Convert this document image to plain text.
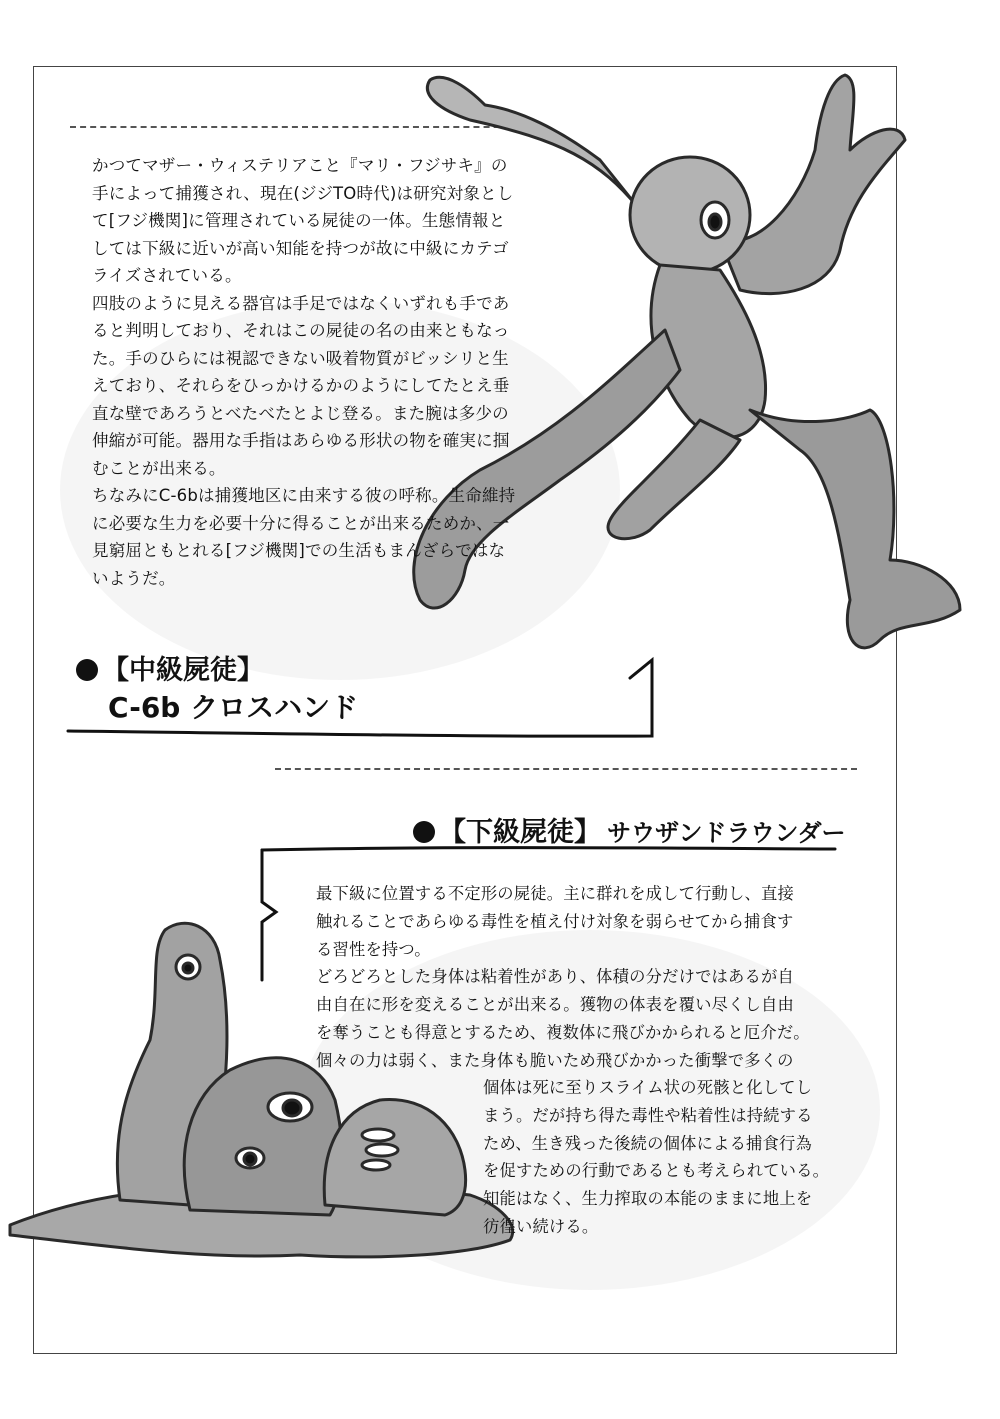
かつてマザー・ウィステリアこと『マリ・フジサキ』の

手によって捕獲され、現在(ジジTO時代)は研究対象とし

て[フジ機関]に管理されている屍徒の一体。生態情報と

しては下級に近いが高い知能を持つが故に中級にカテゴ

ライズされている。

四肢のように見える器官は手足ではなくいずれも手であ

ると判明しており、それはこの屍徒の名の由来ともなっ

た。手のひらには視認できない吸着物質がビッシリと生

えており、それらをひっかけるかのようにしてたとえ垂

直な壁であろうとべたべたとよじ登る。また腕は多少の

伸縮が可能。器用な手指はあらゆる形状の物を確実に掴

むことが出来る。

ちなみにC-6bは捕獲地区に由来する彼の呼称。生命維持

に必要な生力を必要十分に得ることが出来るためか、一

見窮屈ともとれる[フジ機関]での生活もまんざらではな

いようだ。

【中級屍徒】
C-6b クロスハンド
【下級屍徒】 サウザンドラウンダー

最下級に位置する不定形の屍徒。主に群れを成して行動し、直接

触れることであらゆる毒性を植え付け対象を弱らせてから捕食す

る習性を持つ。

どろどろとした身体は粘着性があり、体積の分だけではあるが自

由自在に形を変えることが出来る。獲物の体表を覆い尽くし自由

を奪うことも得意とするため、複数体に飛びかかられると厄介だ。

個々の力は弱く、また身体も脆いため飛びかかった衝撃で多くの

個体は死に至りスライム状の死骸と化してし

まう。だが持ち得た毒性や粘着性は持続する

ため、生き残った後続の個体による捕食行為

を促すための行動であるとも考えられている。

知能はなく、生力搾取の本能のままに地上を

彷徨い続ける。
